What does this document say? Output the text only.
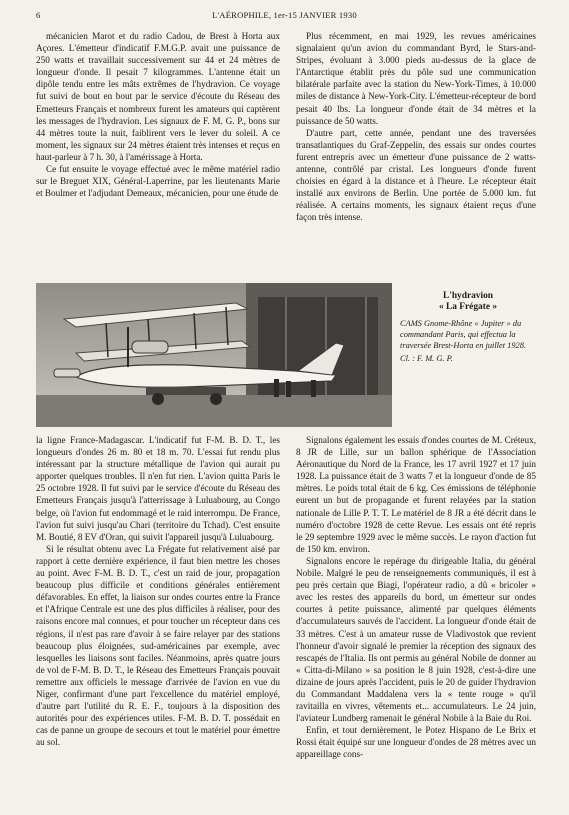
6	L'AÉROPHILE, 1er-15 JANVIER 1930

mécanicien Marot et du radio Cadou, de Brest à Horta aux Açores. L'émetteur d'indicatif F.M.G.P. avait une puissance de 250 watts et travaillait successivement sur 44 et 24 mètres de longueur d'onde. Il pesait 7 kilogrammes. L'antenne était un dipôle tendu entre les mâts extrêmes de l'hydravion. Ce voyage fut suivi de bout en bout par le service d'écoute du Réseau des Emetteurs Français et nombreux furent les amateurs qui captèrent les messages de l'hydravion. Les signaux de F. M. G. P., bons sur 44 mètres toute la nuit, faiblirent vers le lever du soleil. A ce moment, les signaux sur 24 mètres étaient très intenses et reçus en haut-parleur à 7 h. 30, à l'amérissage à Horta.

Ce fut ensuite le voyage effectué avec le même matériel radio sur le Breguet XIX, Général-Laperrine, par les lieutenants Marie et Boulmer et l'adjudant Demeaux, mécanicien, pour une étude de

Plus récemment, en mai 1929, les revues américaines signalaient qu'un avion du commandant Byrd, le Stars-and-Stripes, évoluant à 3.000 pieds au-dessus de la glace de l'Antarctique établit près du pôle sud une communication bilatérale parfaite avec la station du New-York-Times, à 10.000 miles de distance à New-York-City. L'émetteur-récepteur de bord pesait 40 lbs. La longueur d'onde était de 34 mètres et la puissance de 50 watts.

D'autre part, cette année, pendant une des traversées transatlantiques du Graf-Zeppelin, des essais sur ondes courtes furent entrepris avec un émetteur d'une puissance de 2 watts-antenne, contrôlé par cristal. Les longueurs d'onde furent choisies en égard à la distance et à l'heure. Le récepteur était installé aux environs de Berlin. Une portée de 5.000 km. fut réalisée. A certains moments, les signaux étaient reçus d'une façon très intense.

L'hydravion
« La Frégate »
CAMS Gnome-Rhône « Jupiter » du commandant Paris, qui effectua la traversée Brest-Horta en juillet 1928.
Cl. : F. M. G. P.

la ligne France-Madagascar. L'indicatif fut F-M. B. D. T., les longueurs d'ondes 26 m. 80 et 18 m. 70. L'essai fut rendu plus intéressant par la structure métallique de l'avion qui aurait pu apporter quelques troubles. Il n'en fut rien. L'avion quitta Paris le 25 octobre 1928. Il fut suivi par le service d'écoute du Réseau des Emetteurs Français jusqu'à l'atterrissage à Luluabourg, au Congo belge, où l'avion fut endommagé et le raid interrompu. De France, l'avion fut suivi jusqu'au Chari (territoire du Tchad). C'est ensuite M. Boutié, 8 EV d'Oran, qui suivit l'appareil jusqu'à Luluabourg.

Si le résultat obtenu avec La Frégate fut relativement aisé par rapport à cette dernière expérience, il faut bien mettre les choses au point. Avec F-M. B. D. T., c'est un raid de jour, propagation beaucoup plus difficile et conditions générales entièrement défavorables. En effet, la liaison sur ondes courtes entre la France et l'Afrique Centrale est une des plus difficiles à réaliser, pour des raisons encore mal connues, et pour toucher un récepteur dans ces régions, il n'est pas rare d'avoir à se faire relayer par des stations beaucoup plus éloignées, sud-américaines par exemple, avec lesquelles les liaisons sont faciles. Néanmoins, après quatre jours de vol de F-M. B. D. T., le Réseau des Emetteurs Français pouvait remettre aux officiels le message d'arrivée de l'avion en vue du Niger, confirmant d'une part l'excellence du matériel employé, d'autre part l'utilité du R. E. F., toujours à la disposition des autorités pour des expériences utiles. F-M. B. D. T. possédait en cas de panne un groupe de secours et tout le matériel pour émettre au sol.

Signalons également les essais d'ondes courtes de M. Créteux, 8 JR de Lille, sur un ballon sphérique de l'Association Aéronautique du Nord de la France, les 17 avril 1927 et 17 juin 1928. La puissance était de 3 watts 7 et la longueur d'onde de 85 mètres. Le poids total était de 6 kg. Ces émissions de téléphonie eurent un but de propagande et furent relayées par la station nationale de Lille P. T. T. Le matériel de 8 JR a été décrit dans le numéro d'octobre 1928 de cette Revue. Les essais ont été repris le 29 septembre 1929 avec le même succès. Le rayon d'action fut de 150 km. environ.

Signalons encore le repérage du dirigeable Italia, du général Nobile. Malgré le peu de renseignements communiqués, il est à peu près certain que Biagi, l'opérateur radio, a dû « bricoler » avec les restes des appareils du bord, un émetteur sur ondes courtes à petite puissance, alimenté par quelques éléments d'accumulateurs sauvés de l'accident. La longueur d'onde était de 33 mètres. C'est à un amateur russe de Vladivostok que revient l'honneur d'avoir signalé le premier la réception des signaux des rescapés de l'Italia. Ils ont permis au général Nobile de donner au « Citta-di-Milano » sa position le 8 juin 1928, c'est-à-dire une dizaine de jours après l'accident, puis le 20 de guider l'hydravion du Commandant Maddalena vers la « tente rouge » qu'il ravitailla en vivres, vêtements et... accumulateurs. Le 24 juin, l'aviateur Lundberg ramenait le général Nobile à la Baie du Roi.

Enfin, et tout dernièrement, le Potez Hispano de Le Brix et Rossi était équipé sur une longueur d'ondes de 28 mètres avec un appareillage cons-
